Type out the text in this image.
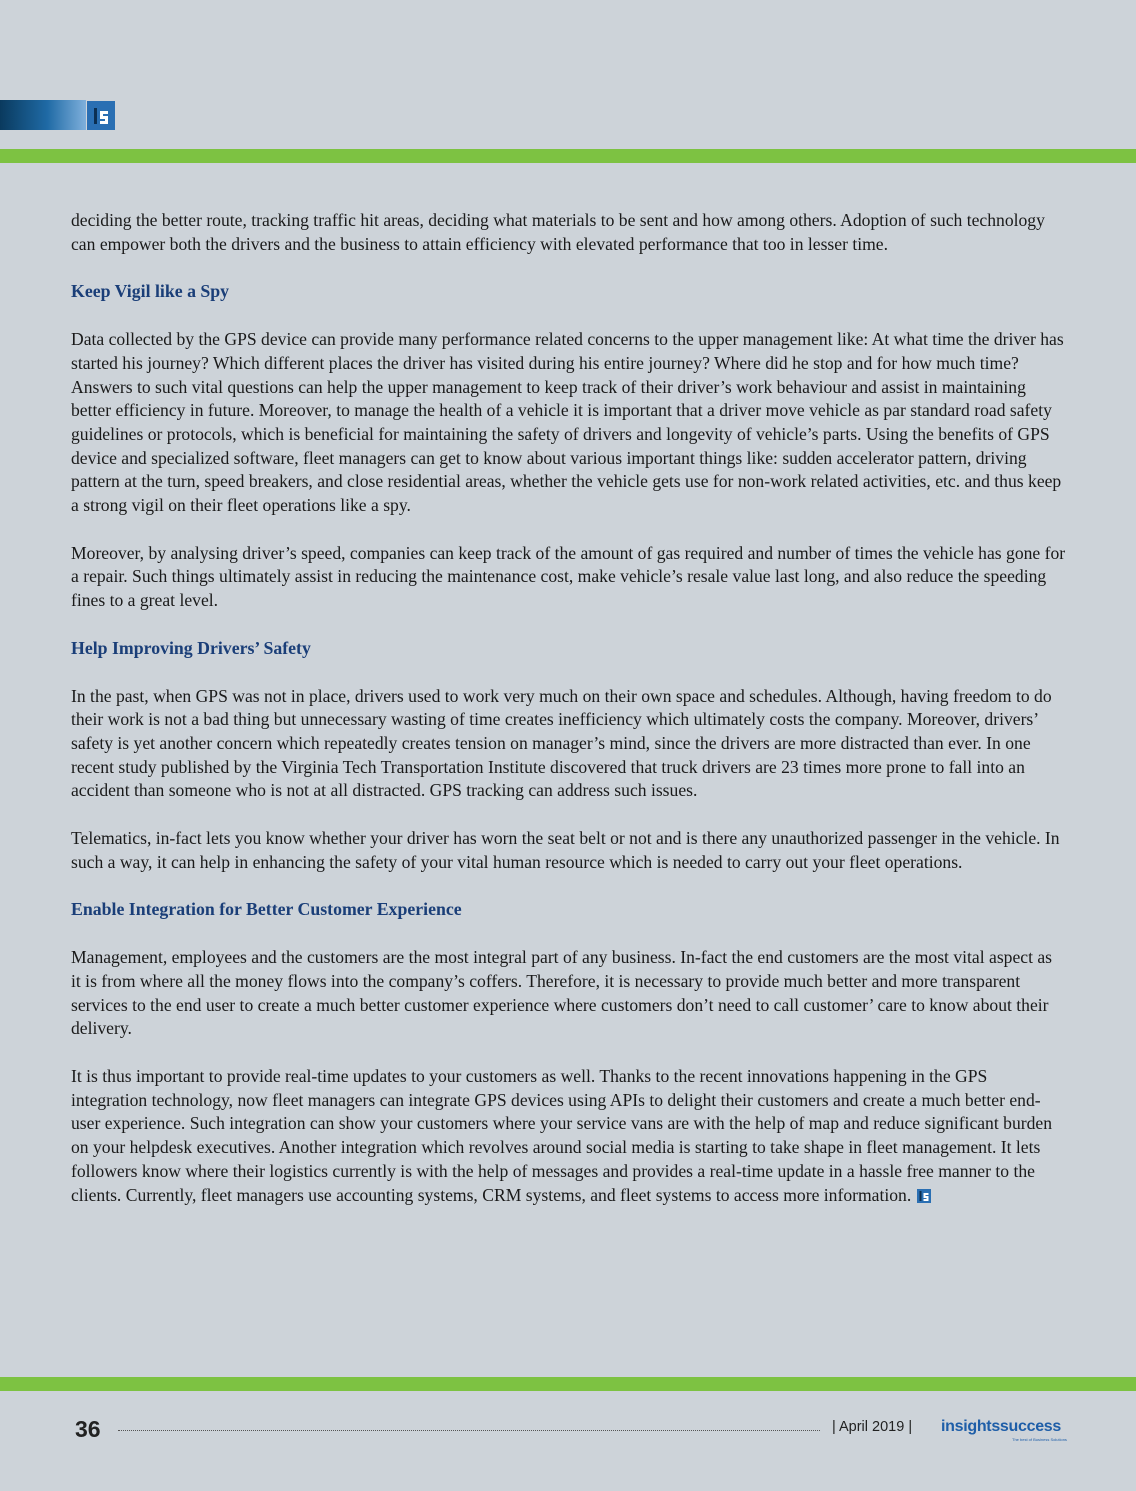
deciding the better route, tracking traffic hit areas, deciding what materials to be sent and how among others. Adoption of such technology can empower both the drivers and the business to attain efficiency with elevated performance that too in lesser time.

Keep Vigil like a Spy

Data collected by the GPS device can provide many performance related concerns to the upper management like: At what time the driver has started his journey? Which different places the driver has visited during his entire journey? Where did he stop and for how much time? Answers to such vital questions can help the upper management to keep track of their driver’s work behaviour and assist in maintaining better efficiency in future. Moreover, to manage the health of a vehicle it is important that a driver move vehicle as par standard road safety guidelines or protocols, which is beneficial for maintaining the safety of drivers and longevity of vehicle’s parts. Using the benefits of GPS device and specialized software, fleet managers can get to know about various important things like: sudden accelerator pattern, driving pattern at the turn, speed breakers, and close residential areas, whether the vehicle gets use for non-work related activities, etc. and thus keep a strong vigil on their fleet operations like a spy.

Moreover, by analysing driver’s speed, companies can keep track of the amount of gas required and number of times the vehicle has gone for a repair. Such things ultimately assist in reducing the maintenance cost, make vehicle’s resale value last long, and also reduce the speeding fines to a great level.

Help Improving Drivers’ Safety

In the past, when GPS was not in place, drivers used to work very much on their own space and schedules. Although, having freedom to do their work is not a bad thing but unnecessary wasting of time creates inefficiency which ultimately costs the company. Moreover, drivers’ safety is yet another concern which repeatedly creates tension on manager’s mind, since the drivers are more distracted than ever. In one recent study published by the Virginia Tech Transportation Institute discovered that truck drivers are 23 times more prone to fall into an accident than someone who is not at all distracted. GPS tracking can address such issues.

Telematics, in-fact lets you know whether your driver has worn the seat belt or not and is there any unauthorized passenger in the vehicle. In such a way, it can help in enhancing the safety of your vital human resource which is needed to carry out your fleet operations.

Enable Integration for Better Customer Experience

Management, employees and the customers are the most integral part of any business. In-fact the end customers are the most vital aspect as it is from where all the money flows into the company’s coffers. Therefore, it is necessary to provide much better and more transparent services to the end user to create a much better customer experience where customers don’t need to call customer’ care to know about their delivery.

It is thus important to provide real-time updates to your customers as well. Thanks to the recent innovations happening in the GPS integration technology, now fleet managers can integrate GPS devices using APIs to delight their customers and create a much better end-user experience. Such integration can show your customers where your service vans are with the help of map and reduce significant burden on your helpdesk executives. Another integration which revolves around social media is starting to take shape in fleet management. It lets followers know where their logistics currently is with the help of messages and provides a real-time update in a hassle free manner to the clients. Currently, fleet managers use accounting systems, CRM systems, and fleet systems to access more information.

36	| April 2019 | insightssuccess
The best of Business Solutions
